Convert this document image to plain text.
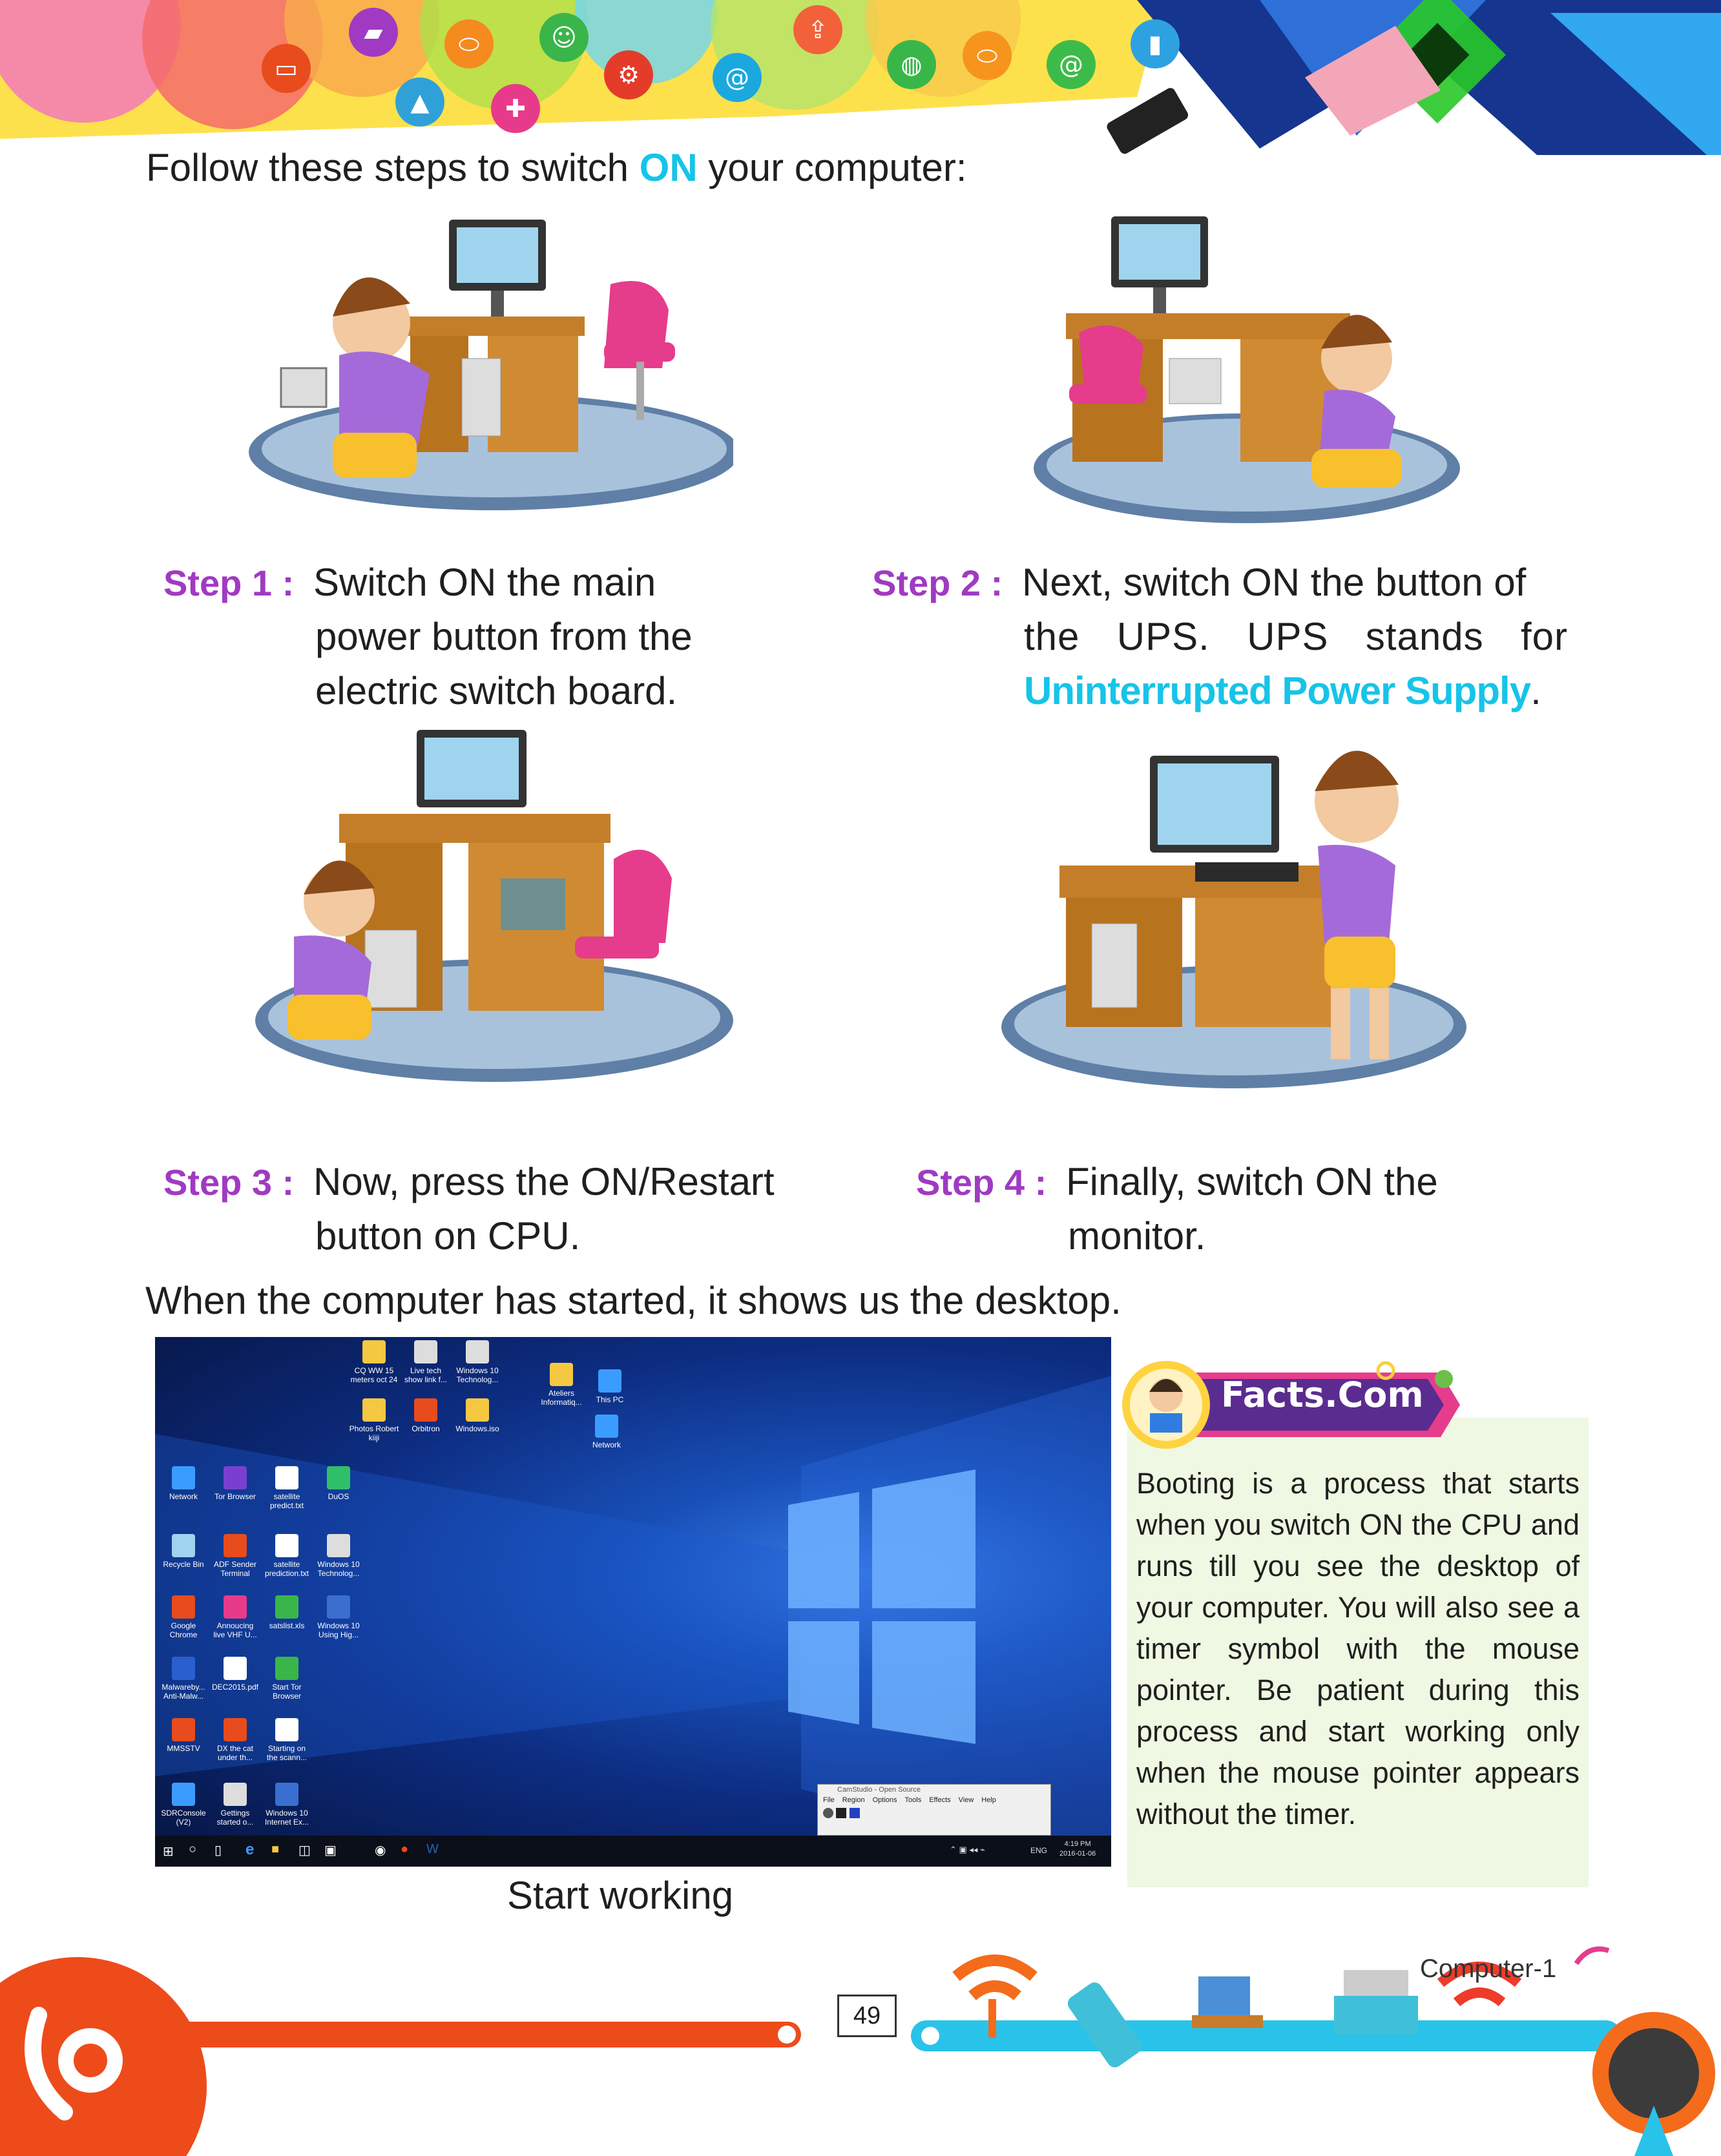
▭
▰
▲
⬭
✚
☺
⚙	@
⇪
◍	⬭	@
▮
Follow these steps to switch ON your computer:
Step 1 : Switch ON the main
power button from the
electric switch board.
Step 2 : Next, switch ON the button of
the UPS. UPS stands for
Uninterrupted Power Supply.
Step 3 : Now, press the ON/Restart
button on CPU.
Step 4 : Finally, switch ON the
monitor.
When the computer has started, it shows us the desktop.
CQ WW 15 meters oct 24
Live tech show link f...
Windows 10 Technolog...
Photos Robert kiiji
Orbitron	Windows.iso
Network	Tor Browser	satellite predict.txt
DuOS
Recycle Bin	ADF Sender Terminal
satellite prediction.txt
Windows 10 Technolog...
Google Chrome
Annoucing live VHF U...
satslist.xls	Windows 10 Using Hig...
Malwareby... Anti-Malw...
DEC2015.pdf	Start Tor Browser
MMSSTV	DX the cat under th...
Starting on the scann...
SDRConsole (V2)
Gettings started o...
Windows 10 Internet Ex...
Ateliers Informatiq...	This PC
Network
CamStudio - Open Source
File Region Options Tools Effects View Help

⊞ ○ ▯ e ■ ◫ ▣	◉ ● W	⌃ ▣ ◂◂ ⌁	ENG
4:19 PM
2016-01-06
Start working
Booting is a process that starts when you switch ON the CPU and runs till you see the desktop of your computer. You will also see a timer symbol with the mouse pointer. Be patient during this process and start working only when the mouse pointer appears without the timer.
Facts.Com
49
Computer-1
